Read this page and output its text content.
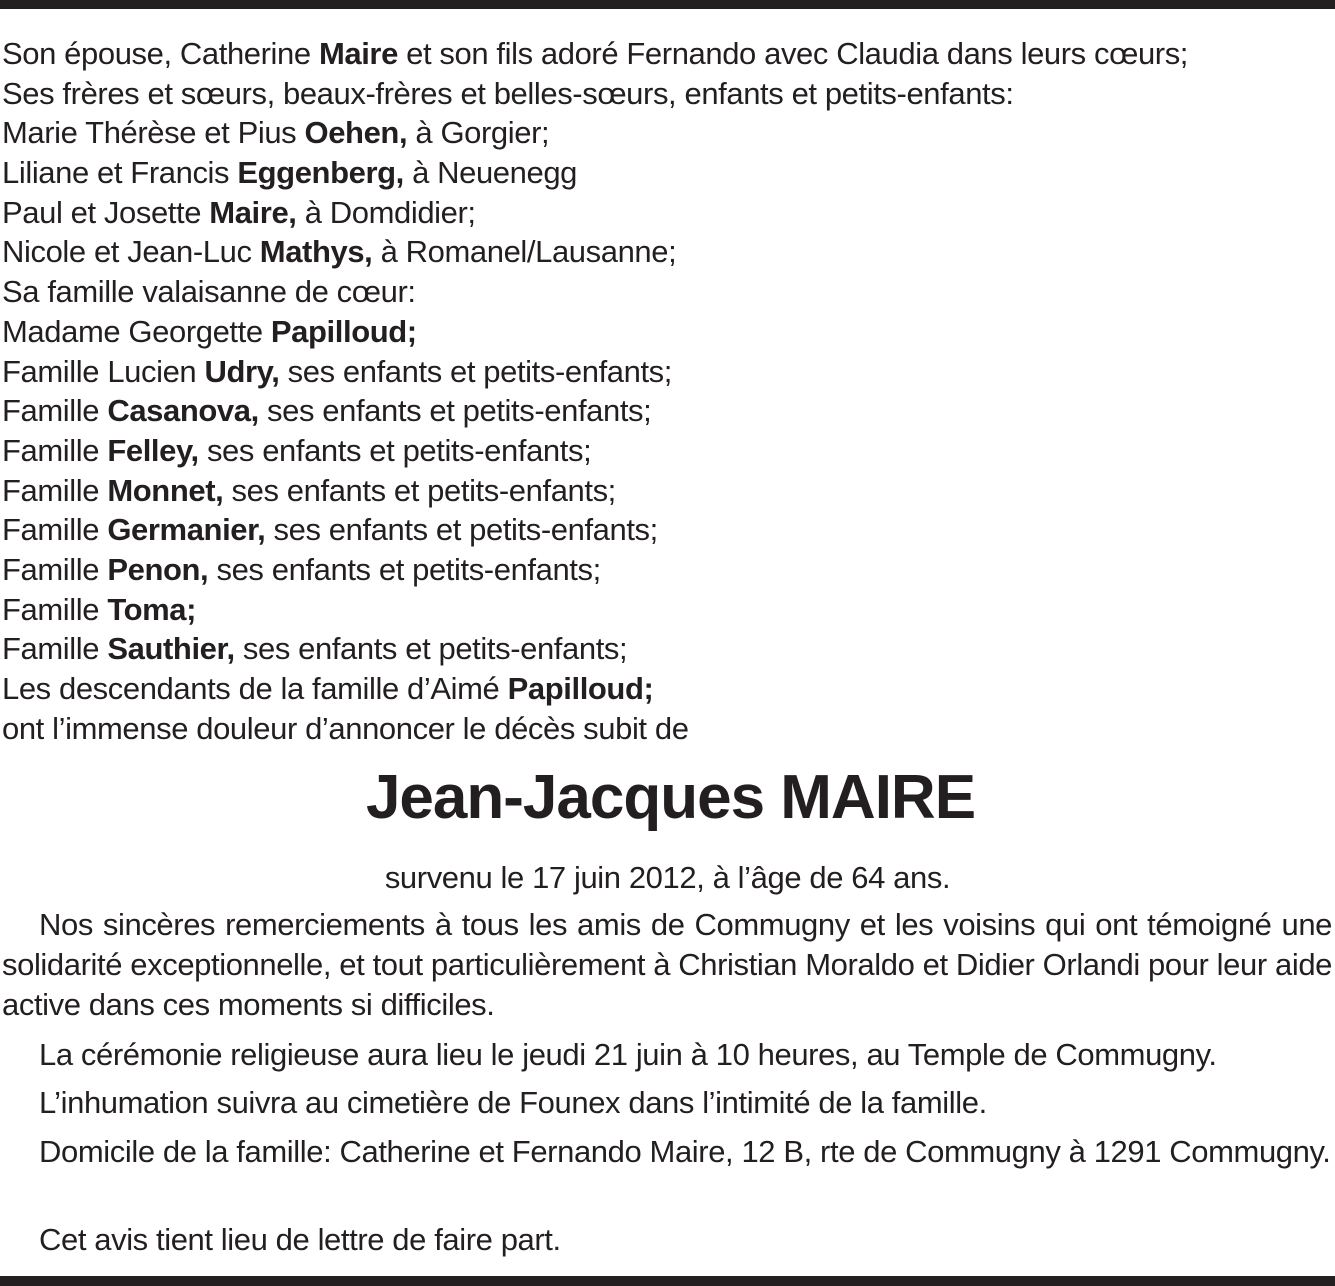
Son épouse, Catherine Maire et son fils adoré Fernando avec Claudia dans leurs cœurs;
Ses frères et sœurs, beaux-frères et belles-sœurs, enfants et petits-enfants:
Marie Thérèse et Pius Oehen, à Gorgier;
Liliane et Francis Eggenberg, à Neuenegg
Paul et Josette Maire, à Domdidier;
Nicole et Jean-Luc Mathys, à Romanel/Lausanne;
Sa famille valaisanne de cœur:
Madame Georgette Papilloud;
Famille Lucien Udry, ses enfants et petits-enfants;
Famille Casanova, ses enfants et petits-enfants;
Famille Felley, ses enfants et petits-enfants;
Famille Monnet, ses enfants et petits-enfants;
Famille Germanier, ses enfants et petits-enfants;
Famille Penon, ses enfants et petits-enfants;
Famille Toma;
Famille Sauthier, ses enfants et petits-enfants;
Les descendants de la famille d’Aimé Papilloud;
ont l’immense douleur d’annoncer le décès subit de
Jean-Jacques MAIRE
survenu le 17 juin 2012, à l’âge de 64 ans.
Nos sincères remerciements à tous les amis de Commugny et les voisins qui ont témoigné une solidarité exceptionnelle, et tout particulièrement à Christian Moraldo et Didier Orlandi pour leur aide active dans ces moments si difficiles.
La cérémonie religieuse aura lieu le jeudi 21 juin à 10 heures, au Temple de Commugny.
L’inhumation suivra au cimetière de Founex dans l’intimité de la famille.
Domicile de la famille: Catherine et Fernando Maire, 12 B, rte de Commugny à 1291 Commugny.
Cet avis tient lieu de lettre de faire part.
